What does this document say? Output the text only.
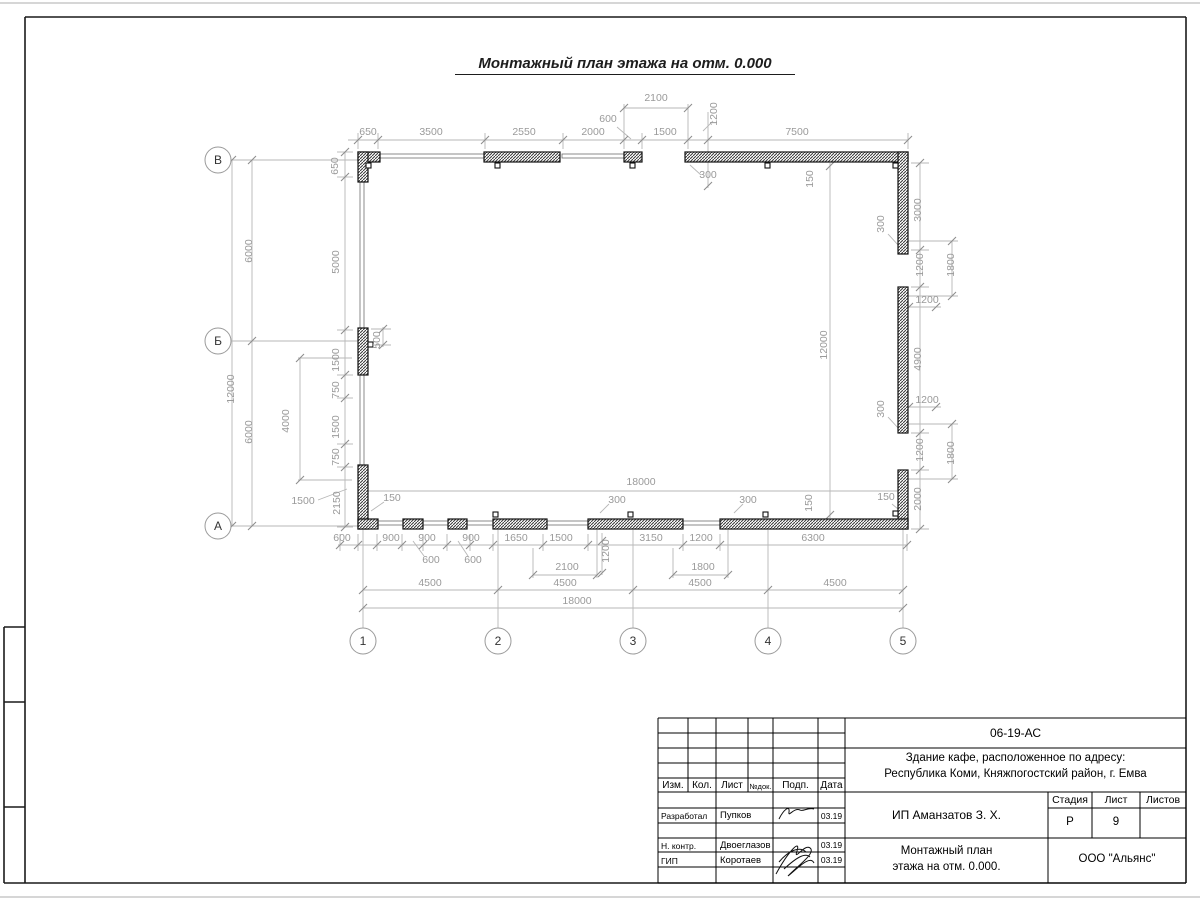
2100
1200
600
650	3500	2550	2000	1500	7500
300	150
650
3000
300
1200 1800
1200
4900
12000
300
1200
1200 1800
150 2000
12000
6000
6000
5000
1500
750
1500
750
2150
4000
500
1500	150
18000
300	300	150
600	900 900	900 1650 1500	3150	1200	6300
600 600
2100
1200
1800
4500	4500	4500	4500
18000
В
Б
А
1	2	3	4	5
Монтажный план этажа на отм. 0.000
06-19-АС
Здание кафе, расположенное по адресу:
Республика Коми, Княжпогостский район, г. Емва
ИП Аманзатов З. Х.
Стадия	Лист	Листов
Р	9
Монтажный план
этажа на отм. 0.000.
ООО "Альянс"
Изм. Кол. Лист №док.	Подп.	Дата
Разработал Пупков	03.19
Н. контр.	Двоеглазов	03.19
ГИП	Коротаев	03.19
